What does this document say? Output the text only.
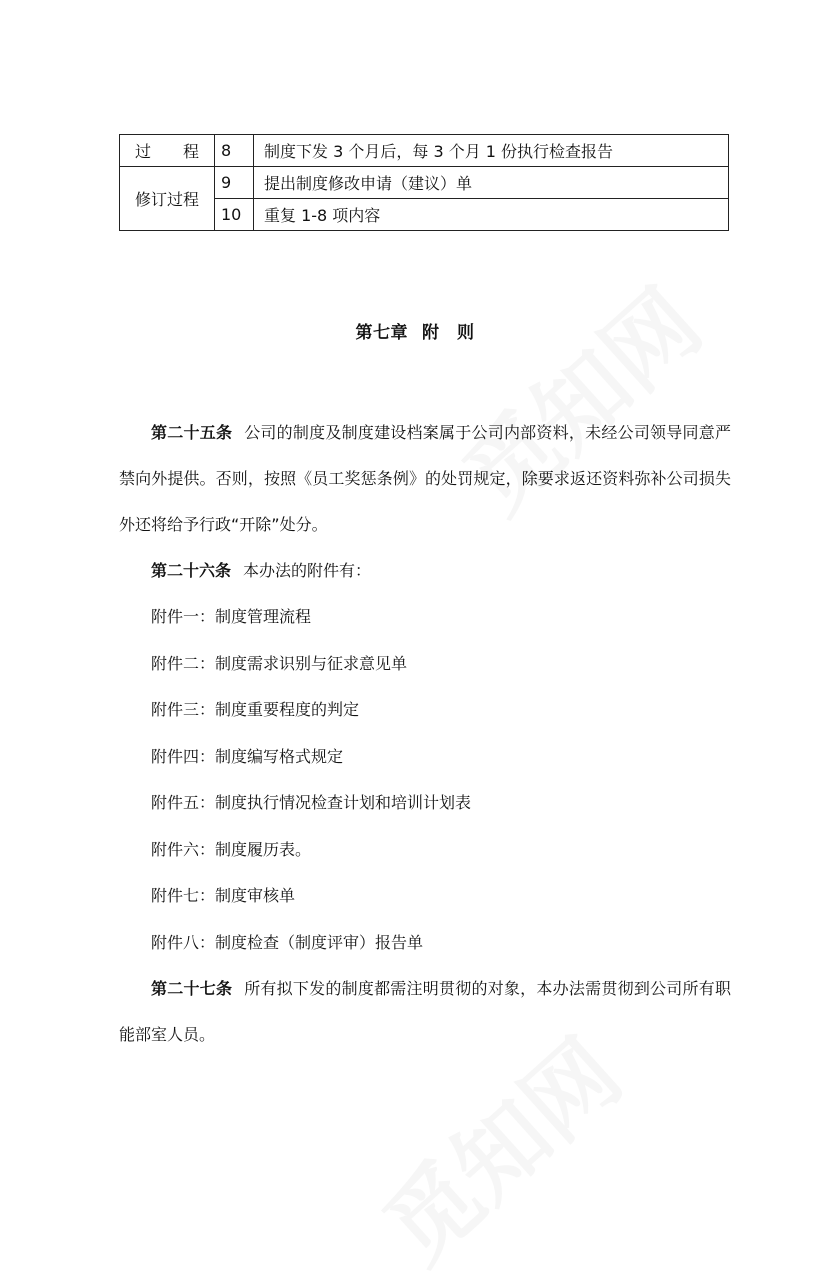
过　　程	8	制度下发 3 个月后，每 3 个月 1 份执行检查报告
修订过程	9	提出制度修改申请（建议）单
	10	重复 1-8 项内容
第七章 附　则

第二十五条 公司的制度及制度建设档案属于公司内部资料，未经公司领导同意严禁向外提供。否则，按照《员工奖惩条例》的处罚规定，除要求返还资料弥补公司损失外还将给予行政“开除”处分。

第二十六条 本办法的附件有：

附件一：制度管理流程

附件二：制度需求识别与征求意见单

附件三：制度重要程度的判定

附件四：制度编写格式规定

附件五：制度执行情况检查计划和培训计划表

附件六：制度履历表。

附件七：制度审核单

附件八：制度检查（制度评审）报告单

第二十七条 所有拟下发的制度都需注明贯彻的对象，本办法需贯彻到公司所有职能部室人员。
